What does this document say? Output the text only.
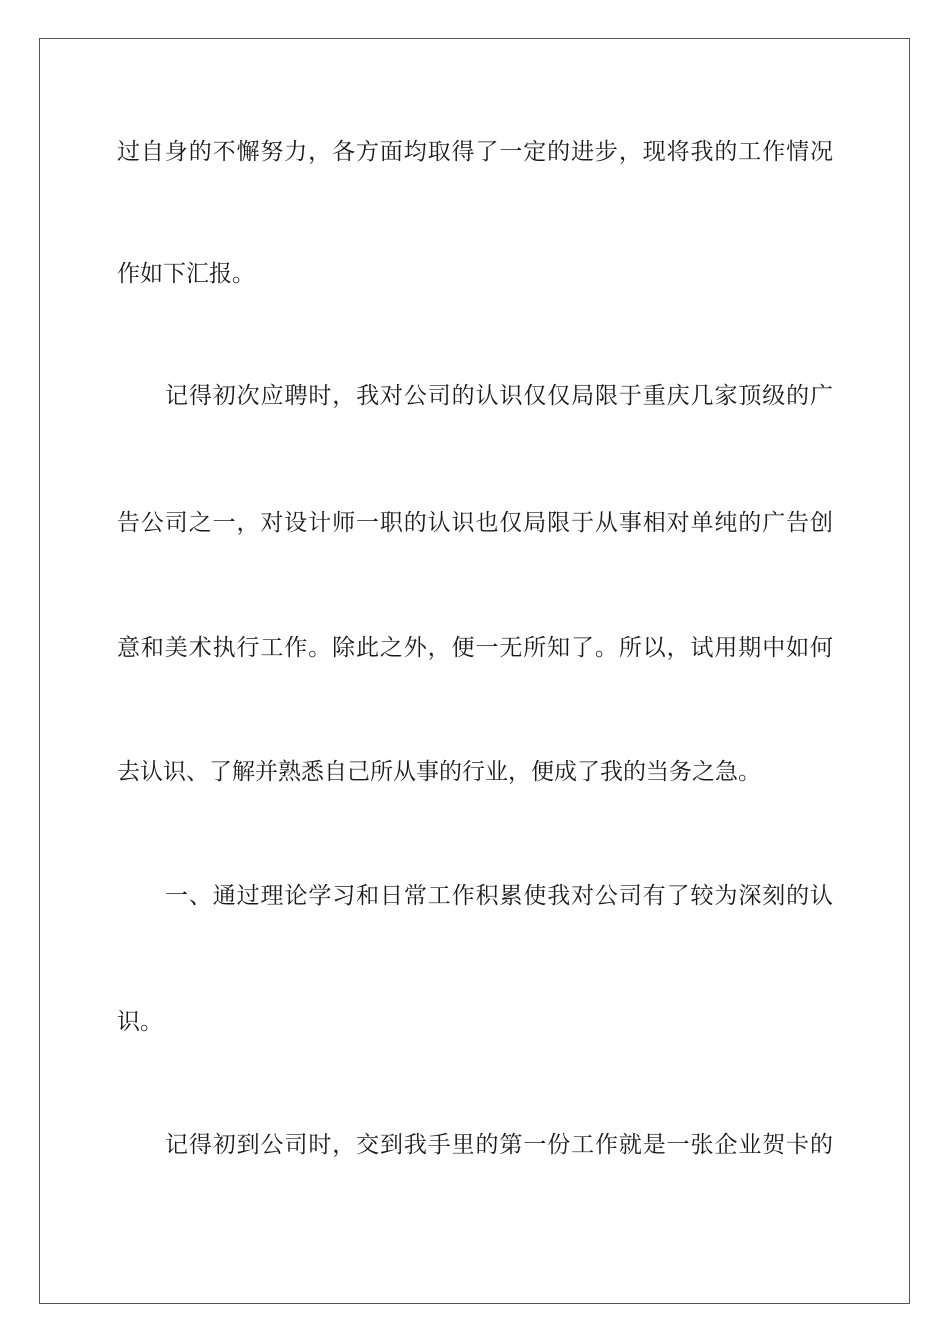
过自身的不懈努力，各方面均取得了一定的进步，现将我的工作情况
作如下汇报。
记得初次应聘时，我对公司的认识仅仅局限于重庆几家顶级的广
告公司之一，对设计师一职的认识也仅局限于从事相对单纯的广告创
意和美术执行工作。除此之外，便一无所知了。所以，试用期中如何
去认识、了解并熟悉自己所从事的行业，便成了我的当务之急。
一、通过理论学习和日常工作积累使我对公司有了较为深刻的认
识。
记得初到公司时，交到我手里的第一份工作就是一张企业贺卡的
